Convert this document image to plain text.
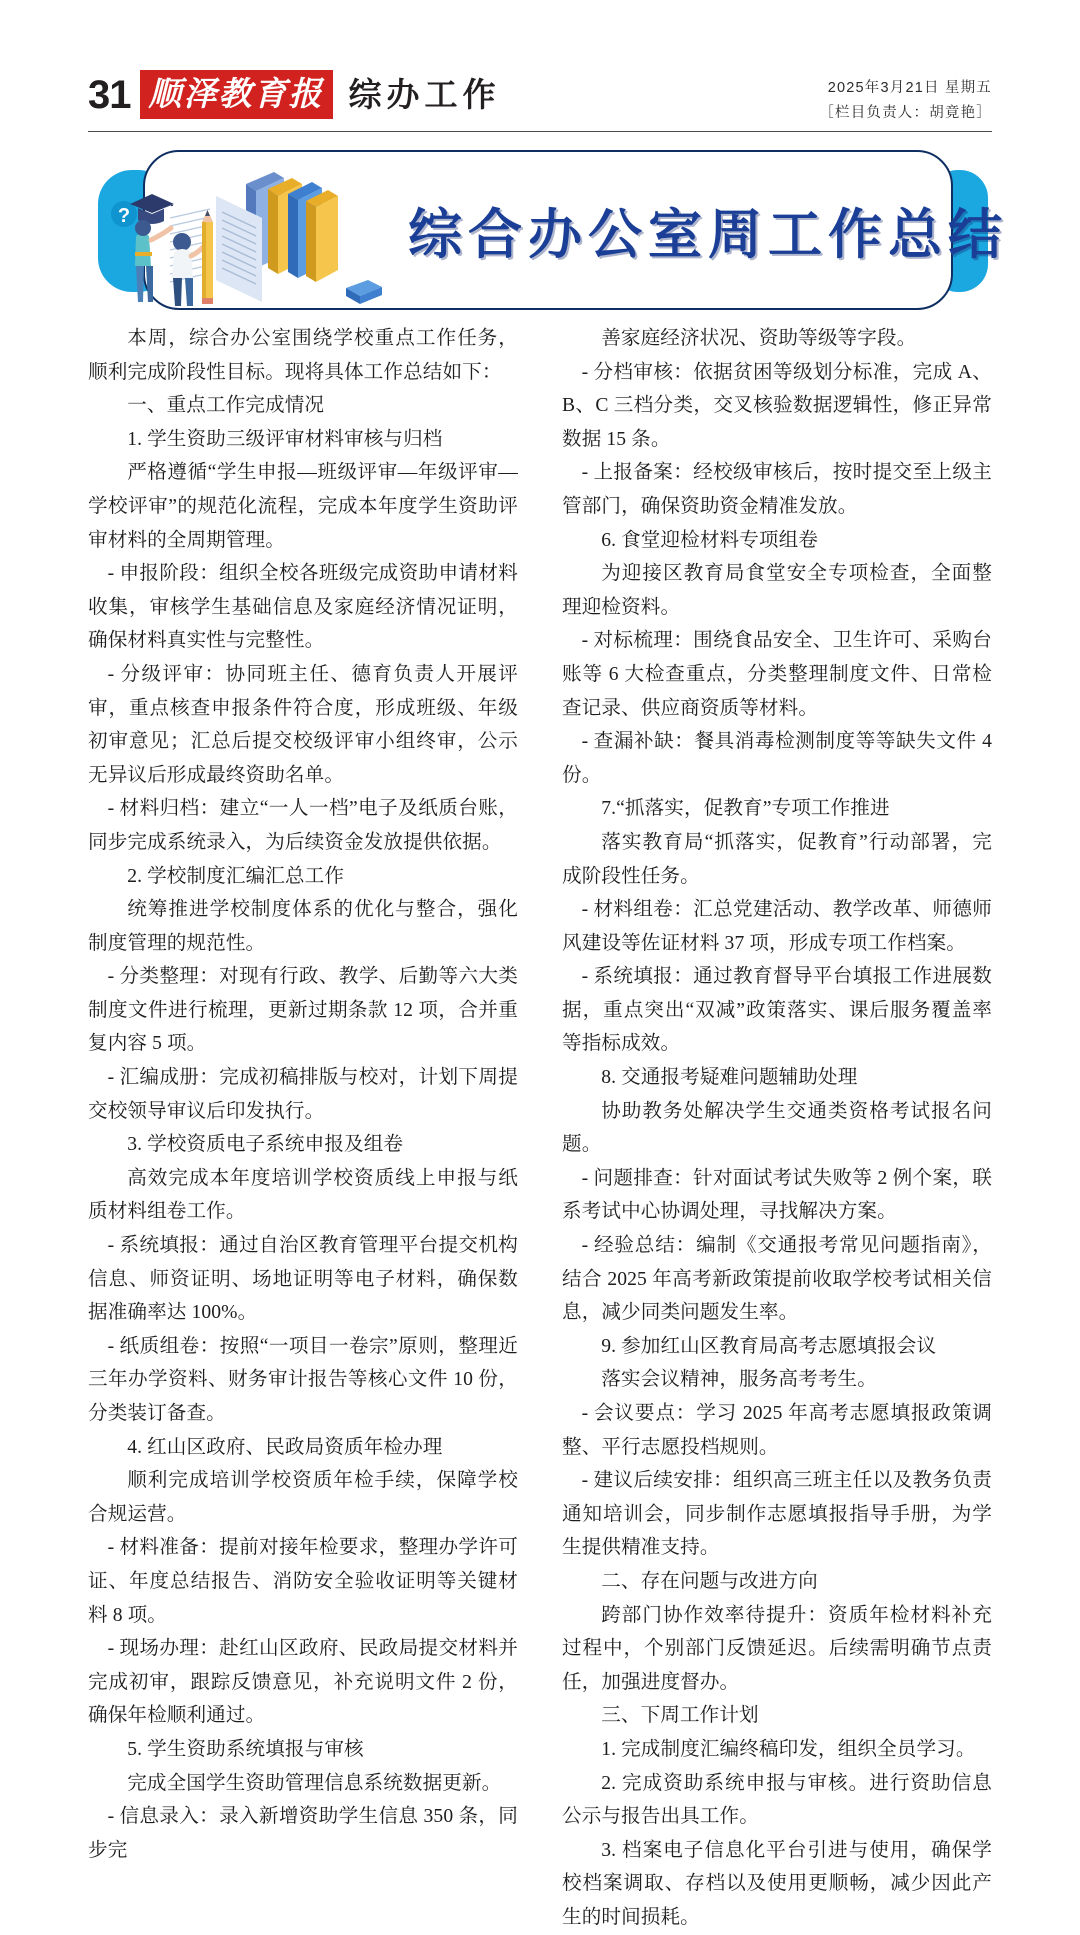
31 顺泽教育报 综办工作	2025年3月21日 星期五
［栏目负责人：胡竟艳］
?	综合办公室周工作总结

本周，综合办公室围绕学校重点工作任务，顺利完成阶段性目标。现将具体工作总结如下：

一、重点工作完成情况

1. 学生资助三级评审材料审核与归档

严格遵循“学生申报—班级评审—年级评审—学校评审”的规范化流程，完成本年度学生资助评审材料的全周期管理。

- 申报阶段：组织全校各班级完成资助申请材料收集，审核学生基础信息及家庭经济情况证明，确保材料真实性与完整性。

- 分级评审：协同班主任、德育负责人开展评审，重点核查申报条件符合度，形成班级、年级初审意见；汇总后提交校级评审小组终审，公示无异议后形成最终资助名单。

- 材料归档：建立“一人一档”电子及纸质台账，同步完成系统录入，为后续资金发放提供依据。

2. 学校制度汇编汇总工作

统筹推进学校制度体系的优化与整合，强化制度管理的规范性。

- 分类整理：对现有行政、教学、后勤等六大类制度文件进行梳理，更新过期条款 12 项，合并重复内容 5 项。

- 汇编成册：完成初稿排版与校对，计划下周提交校领导审议后印发执行。

3. 学校资质电子系统申报及组卷

高效完成本年度培训学校资质线上申报与纸质材料组卷工作。

- 系统填报：通过自治区教育管理平台提交机构信息、师资证明、场地证明等电子材料，确保数据准确率达 100%。

- 纸质组卷：按照“一项目一卷宗”原则，整理近三年办学资料、财务审计报告等核心文件 10 份，分类装订备查。

4. 红山区政府、民政局资质年检办理

顺利完成培训学校资质年检手续，保障学校合规运营。

- 材料准备：提前对接年检要求，整理办学许可证、年度总结报告、消防安全验收证明等关键材料 8 项。

- 现场办理：赴红山区政府、民政局提交材料并完成初审，跟踪反馈意见，补充说明文件 2 份，确保年检顺利通过。

5. 学生资助系统填报与审核

完成全国学生资助管理信息系统数据更新。

- 信息录入：录入新增资助学生信息 350 条，同步完

善家庭经济状况、资助等级等字段。

- 分档审核：依据贫困等级划分标准，完成 A、B、C 三档分类，交叉核验数据逻辑性，修正异常数据 15 条。

- 上报备案：经校级审核后，按时提交至上级主管部门，确保资助资金精准发放。

6. 食堂迎检材料专项组卷

为迎接区教育局食堂安全专项检查，全面整理迎检资料。

- 对标梳理：围绕食品安全、卫生许可、采购台账等 6 大检查重点，分类整理制度文件、日常检查记录、供应商资质等材料。

- 查漏补缺：餐具消毒检测制度等等缺失文件 4 份。

7.“抓落实，促教育”专项工作推进

落实教育局“抓落实，促教育”行动部署，完成阶段性任务。

- 材料组卷：汇总党建活动、教学改革、师德师风建设等佐证材料 37 项，形成专项工作档案。

- 系统填报：通过教育督导平台填报工作进展数据，重点突出“双减”政策落实、课后服务覆盖率等指标成效。

8. 交通报考疑难问题辅助处理

协助教务处解决学生交通类资格考试报名问题。

- 问题排查：针对面试考试失败等 2 例个案，联系考试中心协调处理，寻找解决方案。

- 经验总结：编制《交通报考常见问题指南》，结合 2025 年高考新政策提前收取学校考试相关信息，减少同类问题发生率。

9. 参加红山区教育局高考志愿填报会议

落实会议精神，服务高考考生。

- 会议要点：学习 2025 年高考志愿填报政策调整、平行志愿投档规则。

- 建议后续安排：组织高三班主任以及教务负责通知培训会，同步制作志愿填报指导手册，为学生提供精准支持。

二、存在问题与改进方向

跨部门协作效率待提升：资质年检材料补充过程中，个别部门反馈延迟。后续需明确节点责任，加强进度督办。

三、下周工作计划

1. 完成制度汇编终稿印发，组织全员学习。

2. 完成资助系统申报与审核。进行资助信息公示与报告出具工作。

3. 档案电子信息化平台引进与使用，确保学校档案调取、存档以及使用更顺畅，减少因此产生的时间损耗。
